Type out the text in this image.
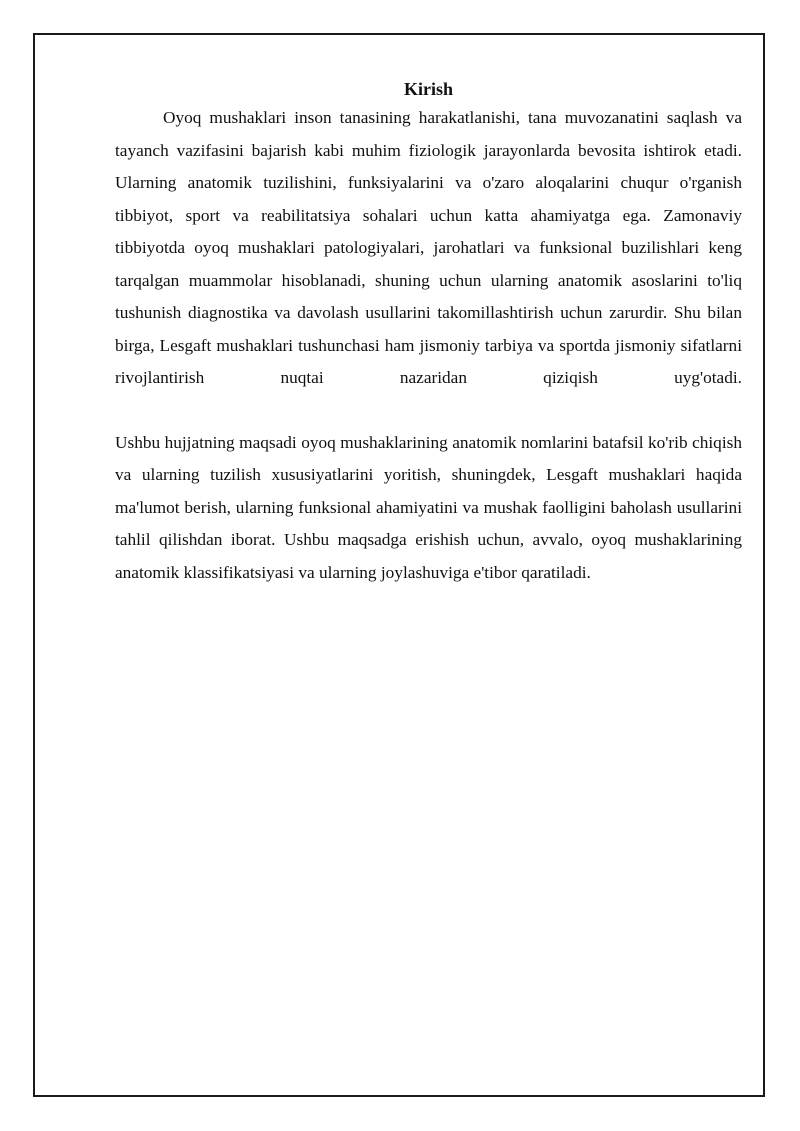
Kirish

Oyoq mushaklari inson tanasining harakatlanishi, tana muvozanatini saqlash va tayanch vazifasini bajarish kabi muhim fiziologik jarayonlarda bevosita ishtirok etadi. Ularning anatomik tuzilishini, funksiyalarini va o'zaro aloqalarini chuqur o'rganish tibbiyot, sport va reabilitatsiya sohalari uchun katta ahamiyatga ega. Zamonaviy tibbiyotda oyoq mushaklari patologiyalari, jarohatlari va funksional buzilishlari keng tarqalgan muammolar hisoblanadi, shuning uchun ularning anatomik asoslarini to'liq tushunish diagnostika va davolash usullarini takomillashtirish uchun zarurdir. Shu bilan birga, Lesgaft mushaklari tushunchasi ham jismoniy tarbiya va sportda jismoniy sifatlarni rivojlantirish nuqtai nazaridan qiziqish uyg'otadi.

Ushbu hujjatning maqsadi oyoq mushaklarining anatomik nomlarini batafsil ko'rib chiqish va ularning tuzilish xususiyatlarini yoritish, shuningdek, Lesgaft mushaklari haqida ma'lumot berish, ularning funksional ahamiyatini va mushak faolligini baholash usullarini tahlil qilishdan iborat. Ushbu maqsadga erishish uchun, avvalo, oyoq mushaklarining anatomik klassifikatsiyasi va ularning joylashuviga e'tibor qaratiladi.
